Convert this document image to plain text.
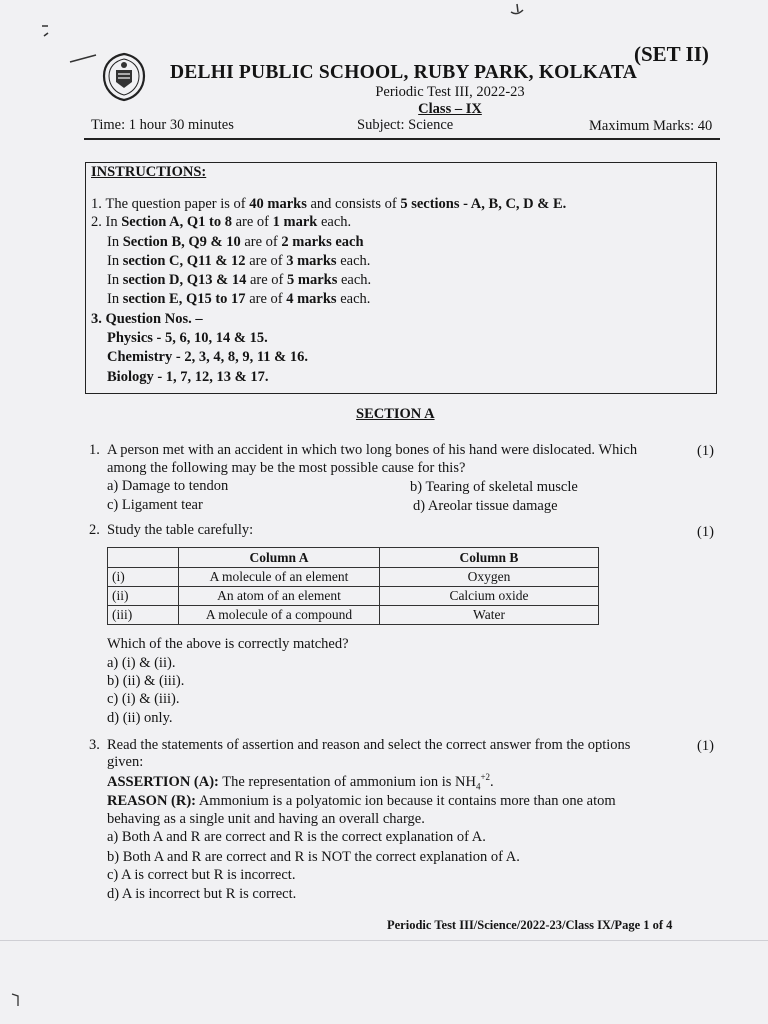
(SET II)
DELHI PUBLIC SCHOOL, RUBY PARK, KOLKATA
Periodic Test III, 2022-23
Class – IX
Time: 1 hour 30 minutes	Subject: Science	Maximum Marks: 40
INSTRUCTIONS:
1. The question paper is of 40 marks and consists of 5 sections - A, B, C, D & E.
2. In Section A, Q1 to 8 are of 1 mark each.
In Section B, Q9 & 10 are of 2 marks each
In section C, Q11 & 12 are of 3 marks each.
In section D, Q13 & 14 are of 5 marks each.
In section E, Q15 to 17 are of 4 marks each.
3. Question Nos. –
Physics - 5, 6, 10, 14 & 15.
Chemistry - 2, 3, 4, 8, 9, 11 & 16.
Biology - 1, 7, 12, 13 & 17.
SECTION A
1. A person met with an accident in which two long bones of his hand were dislocated. Which	(1)
among the following may be the most possible cause for this?
a) Damage to tendon	b) Tearing of skeletal muscle
c) Ligament tear	d) Areolar tissue damage
2. Study the table carefully:	(1)
	Column A	Column B
(i)	A molecule of an element	Oxygen
(ii)	An atom of an element	Calcium oxide
(iii)	A molecule of a compound	Water
Which of the above is correctly matched?
a) (i) & (ii).
b) (ii) & (iii).
c) (i) & (iii).
d) (ii) only.
3. Read the statements of assertion and reason and select the correct answer from the options	(1)
given:
ASSERTION (A): The representation of ammonium ion is $NH_4^{+2}$.
REASON (R): Ammonium is a polyatomic ion because it contains more than one atom
behaving as a single unit and having an overall charge.
a) Both A and R are correct and R is the correct explanation of A.
b) Both A and R are correct and R is NOT the correct explanation of A.
c) A is correct but R is incorrect.
d) A is incorrect but R is correct.
Periodic Test III/Science/2022-23/Class IX/Page 1 of 4
